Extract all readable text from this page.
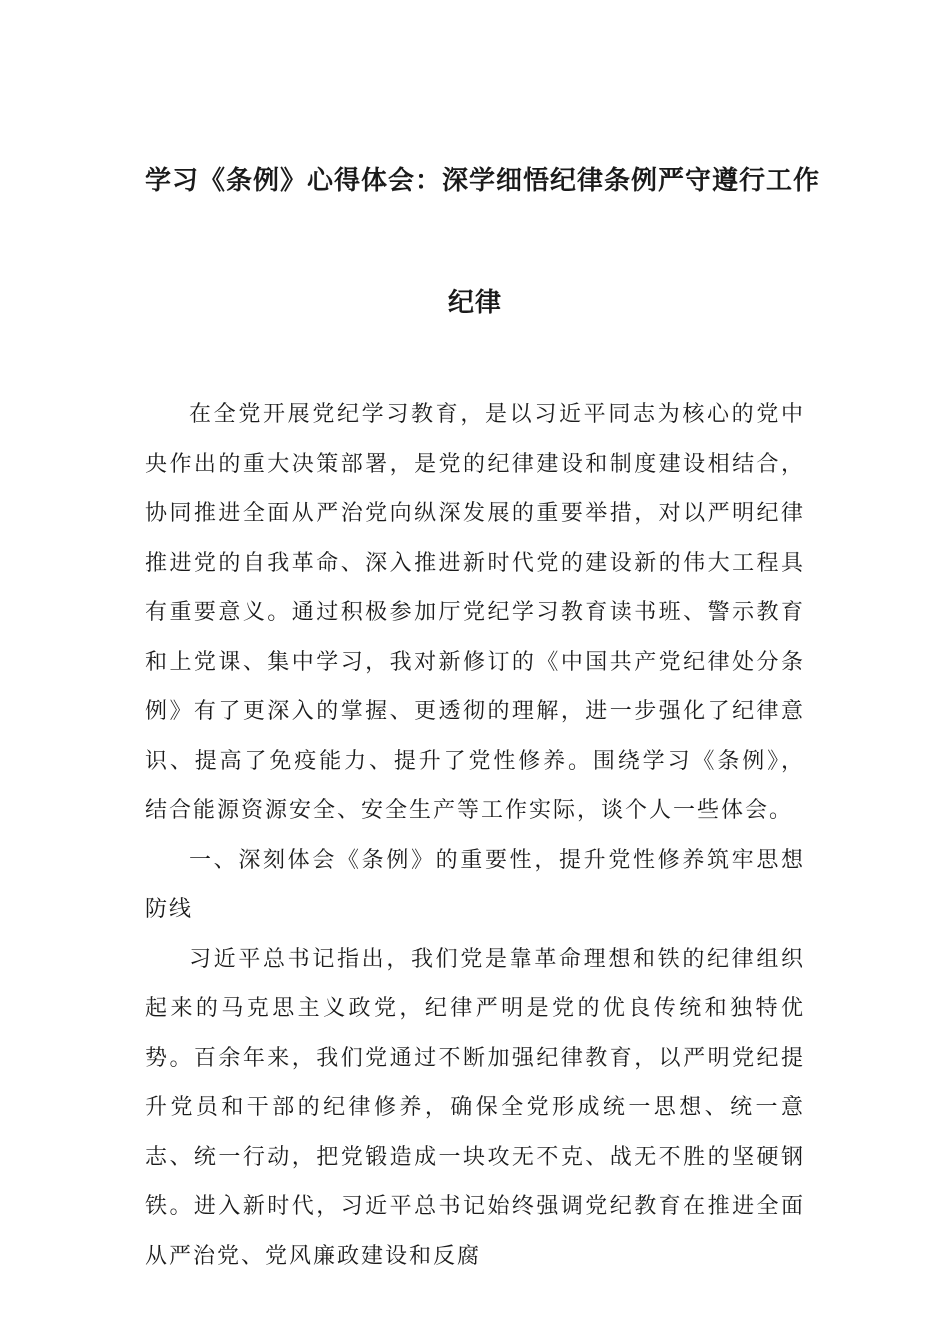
学习《条例》心得体会：深学细悟纪律条例严守遵行工作
纪律

在全党开展党纪学习教育，是以习近平同志为核心的党中央作出的重大决策部署，是党的纪律建设和制度建设相结合，协同推进全面从严治党向纵深发展的重要举措，对以严明纪律推进党的自我革命、深入推进新时代党的建设新的伟大工程具有重要意义。通过积极参加厅党纪学习教育读书班、警示教育和上党课、集中学习，我对新修订的《中国共产党纪律处分条例》有了更深入的掌握、更透彻的理解，进一步强化了纪律意识、提高了免疫能力、提升了党性修养。围绕学习《条例》，结合能源资源安全、安全生产等工作实际，谈个人一些体会。

一、深刻体会《条例》的重要性，提升党性修养筑牢思想防线

习近平总书记指出，我们党是靠革命理想和铁的纪律组织起来的马克思主义政党，纪律严明是党的优良传统和独特优势。百余年来，我们党通过不断加强纪律教育，以严明党纪提升党员和干部的纪律修养，确保全党形成统一思想、统一意志、统一行动，把党锻造成一块攻无不克、战无不胜的坚硬钢铁。进入新时代，习近平总书记始终强调党纪教育在推进全面从严治党、党风廉政建设和反腐
